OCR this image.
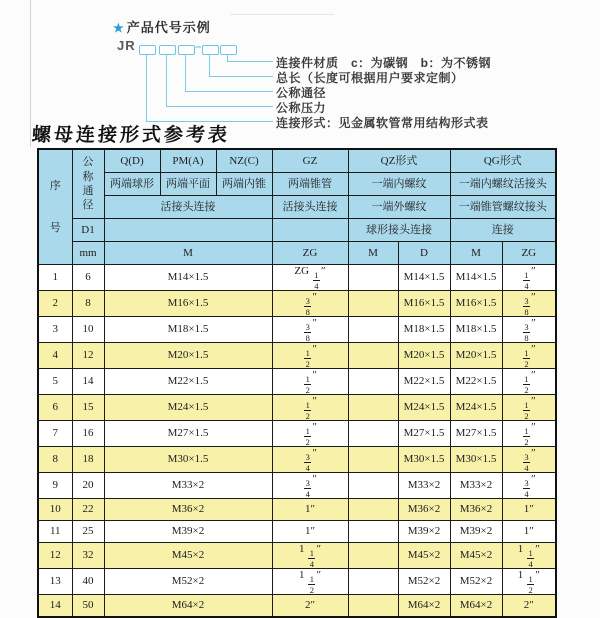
★ 产品代号示例
JR	–
连接件材质　c：为碳钢　b：为不锈钢
总长（长度可根据用户要求定制）
公称通径
公称压力
连接形式：见金属软管常用结构形式表
螺母连接形式参考表
序号	公称通径	Q(D)	PM(A)	NZ(C)	GZ	QZ形式		QG形式	
		两端球形	两端平面	两端内锥	两端锥管	一端内螺纹		一端内螺纹活接头	
		活接头连接			活接头连接	一端外螺纹		一端锥管螺纹接头	
	D1					球形接头连接		连接	
	mm	M			ZG	M	D	M	ZG
1	6	M14×1.5			ZG $\frac{1}{4}$ ″		M14×1.5	M14×1.5	$\frac{1}{4}$ ″
2	8	M16×1.5			$\frac{3}{8}$ ″		M16×1.5	M16×1.5	$\frac{3}{8}$ ″
3	10	M18×1.5			$\frac{3}{8}$ ″		M18×1.5	M18×1.5	$\frac{3}{8}$ ″
4	12	M20×1.5			$\frac{1}{2}$ ″		M20×1.5	M20×1.5	$\frac{1}{2}$ ″
5	14	M22×1.5			$\frac{1}{2}$ ″		M22×1.5	M22×1.5	$\frac{1}{2}$ ″
6	15	M24×1.5			$\frac{1}{2}$ ″		M24×1.5	M24×1.5	$\frac{1}{2}$ ″
7	16	M27×1.5			$\frac{1}{2}$ ″		M27×1.5	M27×1.5	$\frac{1}{2}$ ″
8	18	M30×1.5			$\frac{3}{4}$ ″		M30×1.5	M30×1.5	$\frac{3}{4}$ ″
9	20	M33×2			$\frac{3}{4}$ ″		M33×2	M33×2	$\frac{3}{4}$ ″
10	22	M36×2			1″		M36×2	M36×2	1″
11	25	M39×2			1″		M39×2	M39×2	1″
12	32	M45×2			$1 \frac{1}{4}$ ″		M45×2	M45×2	$1 \frac{1}{4}$ ″
13	40	M52×2			$1 \frac{1}{2}$ ″		M52×2	M52×2	$1 \frac{1}{2}$ ″
14	50	M64×2			2″		M64×2	M64×2	2″
